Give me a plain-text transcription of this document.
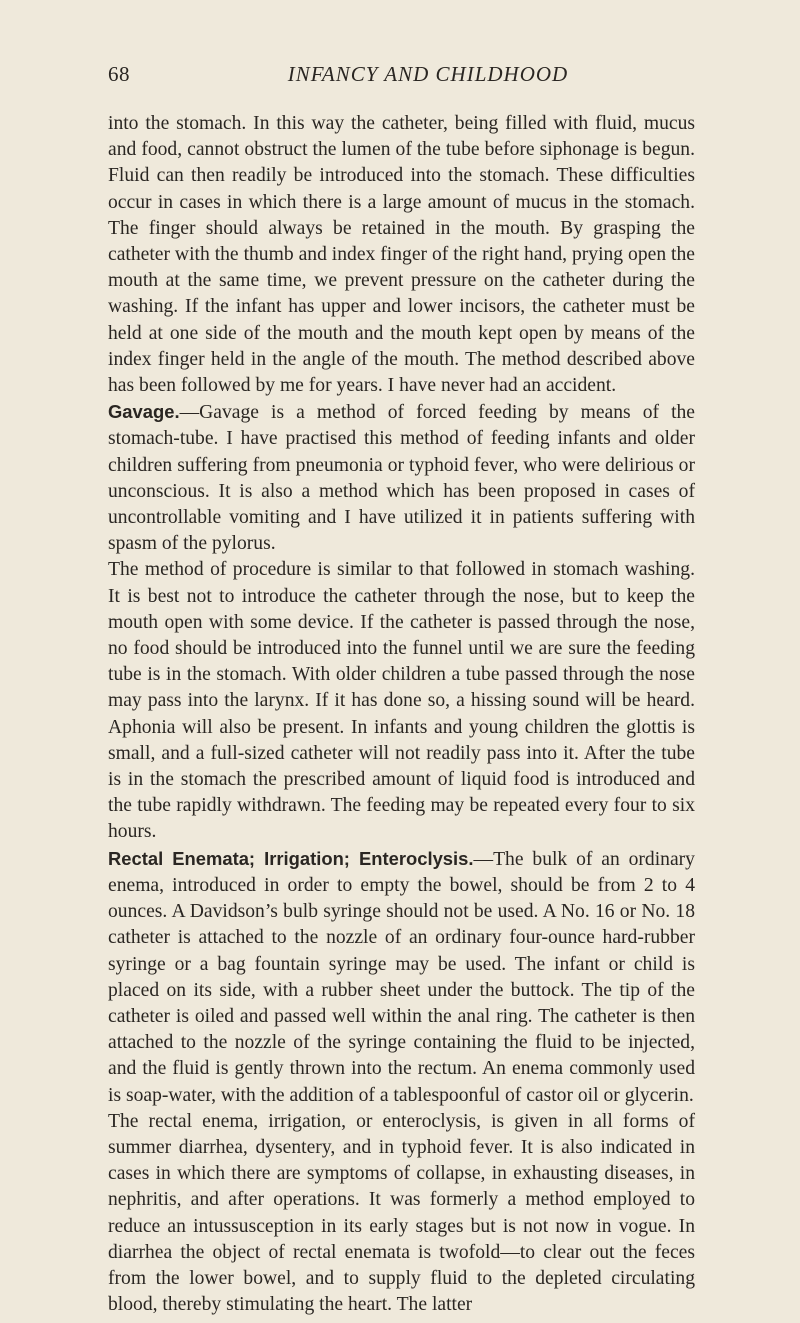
68	INFANCY AND CHILDHOOD

into the stomach. In this way the catheter, being filled with fluid, mucus and food, cannot obstruct the lumen of the tube before siphonage is begun. Fluid can then readily be introduced into the stomach. These difficulties occur in cases in which there is a large amount of mucus in the stomach. The finger should always be retained in the mouth. By grasping the catheter with the thumb and index finger of the right hand, prying open the mouth at the same time, we prevent pressure on the catheter during the washing. If the infant has upper and lower incisors, the catheter must be held at one side of the mouth and the mouth kept open by means of the index finger held in the angle of the mouth. The method described above has been followed by me for years. I have never had an accident.

Gavage.—Gavage is a method of forced feeding by means of the stomach-tube. I have practised this method of feeding infants and older children suffering from pneumonia or typhoid fever, who were delirious or unconscious. It is also a method which has been proposed in cases of uncontrollable vomiting and I have utilized it in patients suffering with spasm of the pylorus.

The method of procedure is similar to that followed in stomach washing. It is best not to introduce the catheter through the nose, but to keep the mouth open with some device. If the catheter is passed through the nose, no food should be introduced into the funnel until we are sure the feeding tube is in the stomach. With older children a tube passed through the nose may pass into the larynx. If it has done so, a hissing sound will be heard. Aphonia will also be present. In infants and young children the glottis is small, and a full-sized catheter will not readily pass into it. After the tube is in the stomach the prescribed amount of liquid food is introduced and the tube rapidly withdrawn. The feeding may be repeated every four to six hours.

Rectal Enemata; Irrigation; Enteroclysis.—The bulk of an ordinary enema, introduced in order to empty the bowel, should be from 2 to 4 ounces. A Davidson’s bulb syringe should not be used. A No. 16 or No. 18 catheter is attached to the nozzle of an ordinary four-ounce hard-rubber syringe or a bag fountain syringe may be used. The infant or child is placed on its side, with a rubber sheet under the buttock. The tip of the catheter is oiled and passed well within the anal ring. The catheter is then attached to the nozzle of the syringe containing the fluid to be injected, and the fluid is gently thrown into the rectum. An enema commonly used is soap-water, with the addition of a tablespoonful of castor oil or glycerin.

The rectal enema, irrigation, or enteroclysis, is given in all forms of summer diarrhea, dysentery, and in typhoid fever. It is also indicated in cases in which there are symptoms of collapse, in exhausting diseases, in nephritis, and after operations. It was formerly a method employed to reduce an intussusception in its early stages but is not now in vogue. In diarrhea the object of rectal enemata is twofold—to clear out the feces from the lower bowel, and to supply fluid to the depleted circulating blood, thereby stimulating the heart. The latter
